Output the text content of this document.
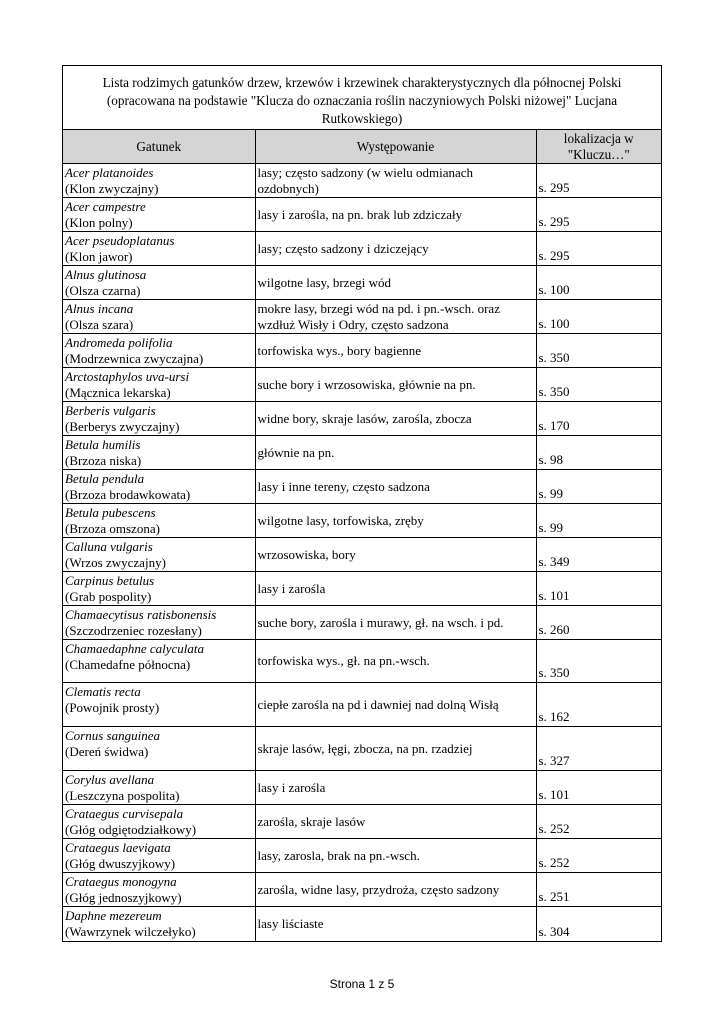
Lista rodzimych gatunków drzew, krzewów i krzewinek charakterystycznych dla północnej Polski (opracowana na podstawie "Klucza do oznaczania roślin naczyniowych Polski niżowej" Lucjana Rutkowskiego)
Gatunek	Występowanie	lokalizacja w
"Kluczu…"

Acer platanoides
(Klon zwyczajny)	lasy; często sadzony (w wielu odmianach ozdobnych)	s. 295

Acer campestre
(Klon polny)	lasy i zarośla, na pn. brak lub zdziczały	s. 295

Acer pseudoplatanus
(Klon jawor)	lasy; często sadzony i dziczejący	s. 295

Alnus glutinosa
(Olsza czarna)	wilgotne lasy, brzegi wód	s. 100

Alnus incana
(Olsza szara)	mokre lasy, brzegi wód na pd. i pn.-wsch. oraz wzdłuż Wisły i Odry, często sadzona	s. 100

Andromeda polifolia
(Modrzewnica zwyczajna)	torfowiska wys., bory bagienne	s. 350

Arctostaphylos uva-ursi
(Mącznica lekarska)	suche bory i wrzosowiska, głównie na pn.	s. 350

Berberis vulgaris
(Berberys zwyczajny)	widne bory, skraje lasów, zarośla, zbocza	s. 170

Betula humilis
(Brzoza niska)	głównie na pn.	s. 98

Betula pendula
(Brzoza brodawkowata)	lasy i inne tereny, często sadzona	s. 99

Betula pubescens
(Brzoza omszona)	wilgotne lasy, torfowiska, zręby	s. 99

Calluna vulgaris
(Wrzos zwyczajny)	wrzosowiska, bory	s. 349

Carpinus betulus
(Grab pospolity)	lasy i zarośla	s. 101

Chamaecytisus ratisbonensis
(Szczodrzeniec rozesłany)	suche bory, zarośla i murawy, gł. na wsch. i pd.	s. 260

Chamaedaphne calyculata
(Chamedafne północna)	torfowiska wys., gł. na pn.-wsch.	s. 350

Clematis recta
(Powojnik prosty)	ciepłe zarośla na pd i dawniej nad dolną Wisłą	s. 162

Cornus sanguinea
(Dereń świdwa)	skraje lasów, łęgi, zbocza, na pn. rzadziej	s. 327

Corylus avellana
(Leszczyna pospolita)	lasy i zarośla	s. 101

Crataegus curvisepala
(Głóg odgiętodziałkowy)	zarośla, skraje lasów	s. 252

Crataegus laevigata
(Głóg dwuszyjkowy)	lasy, zarosla, brak na pn.-wsch.	s. 252

Crataegus monogyna
(Głóg jednoszyjkowy)	zarośla, widne lasy, przydroża, często sadzony	s. 251

Daphne mezereum
(Wawrzynek wilczełyko)	lasy liściaste	s. 304
Strona 1 z 5
